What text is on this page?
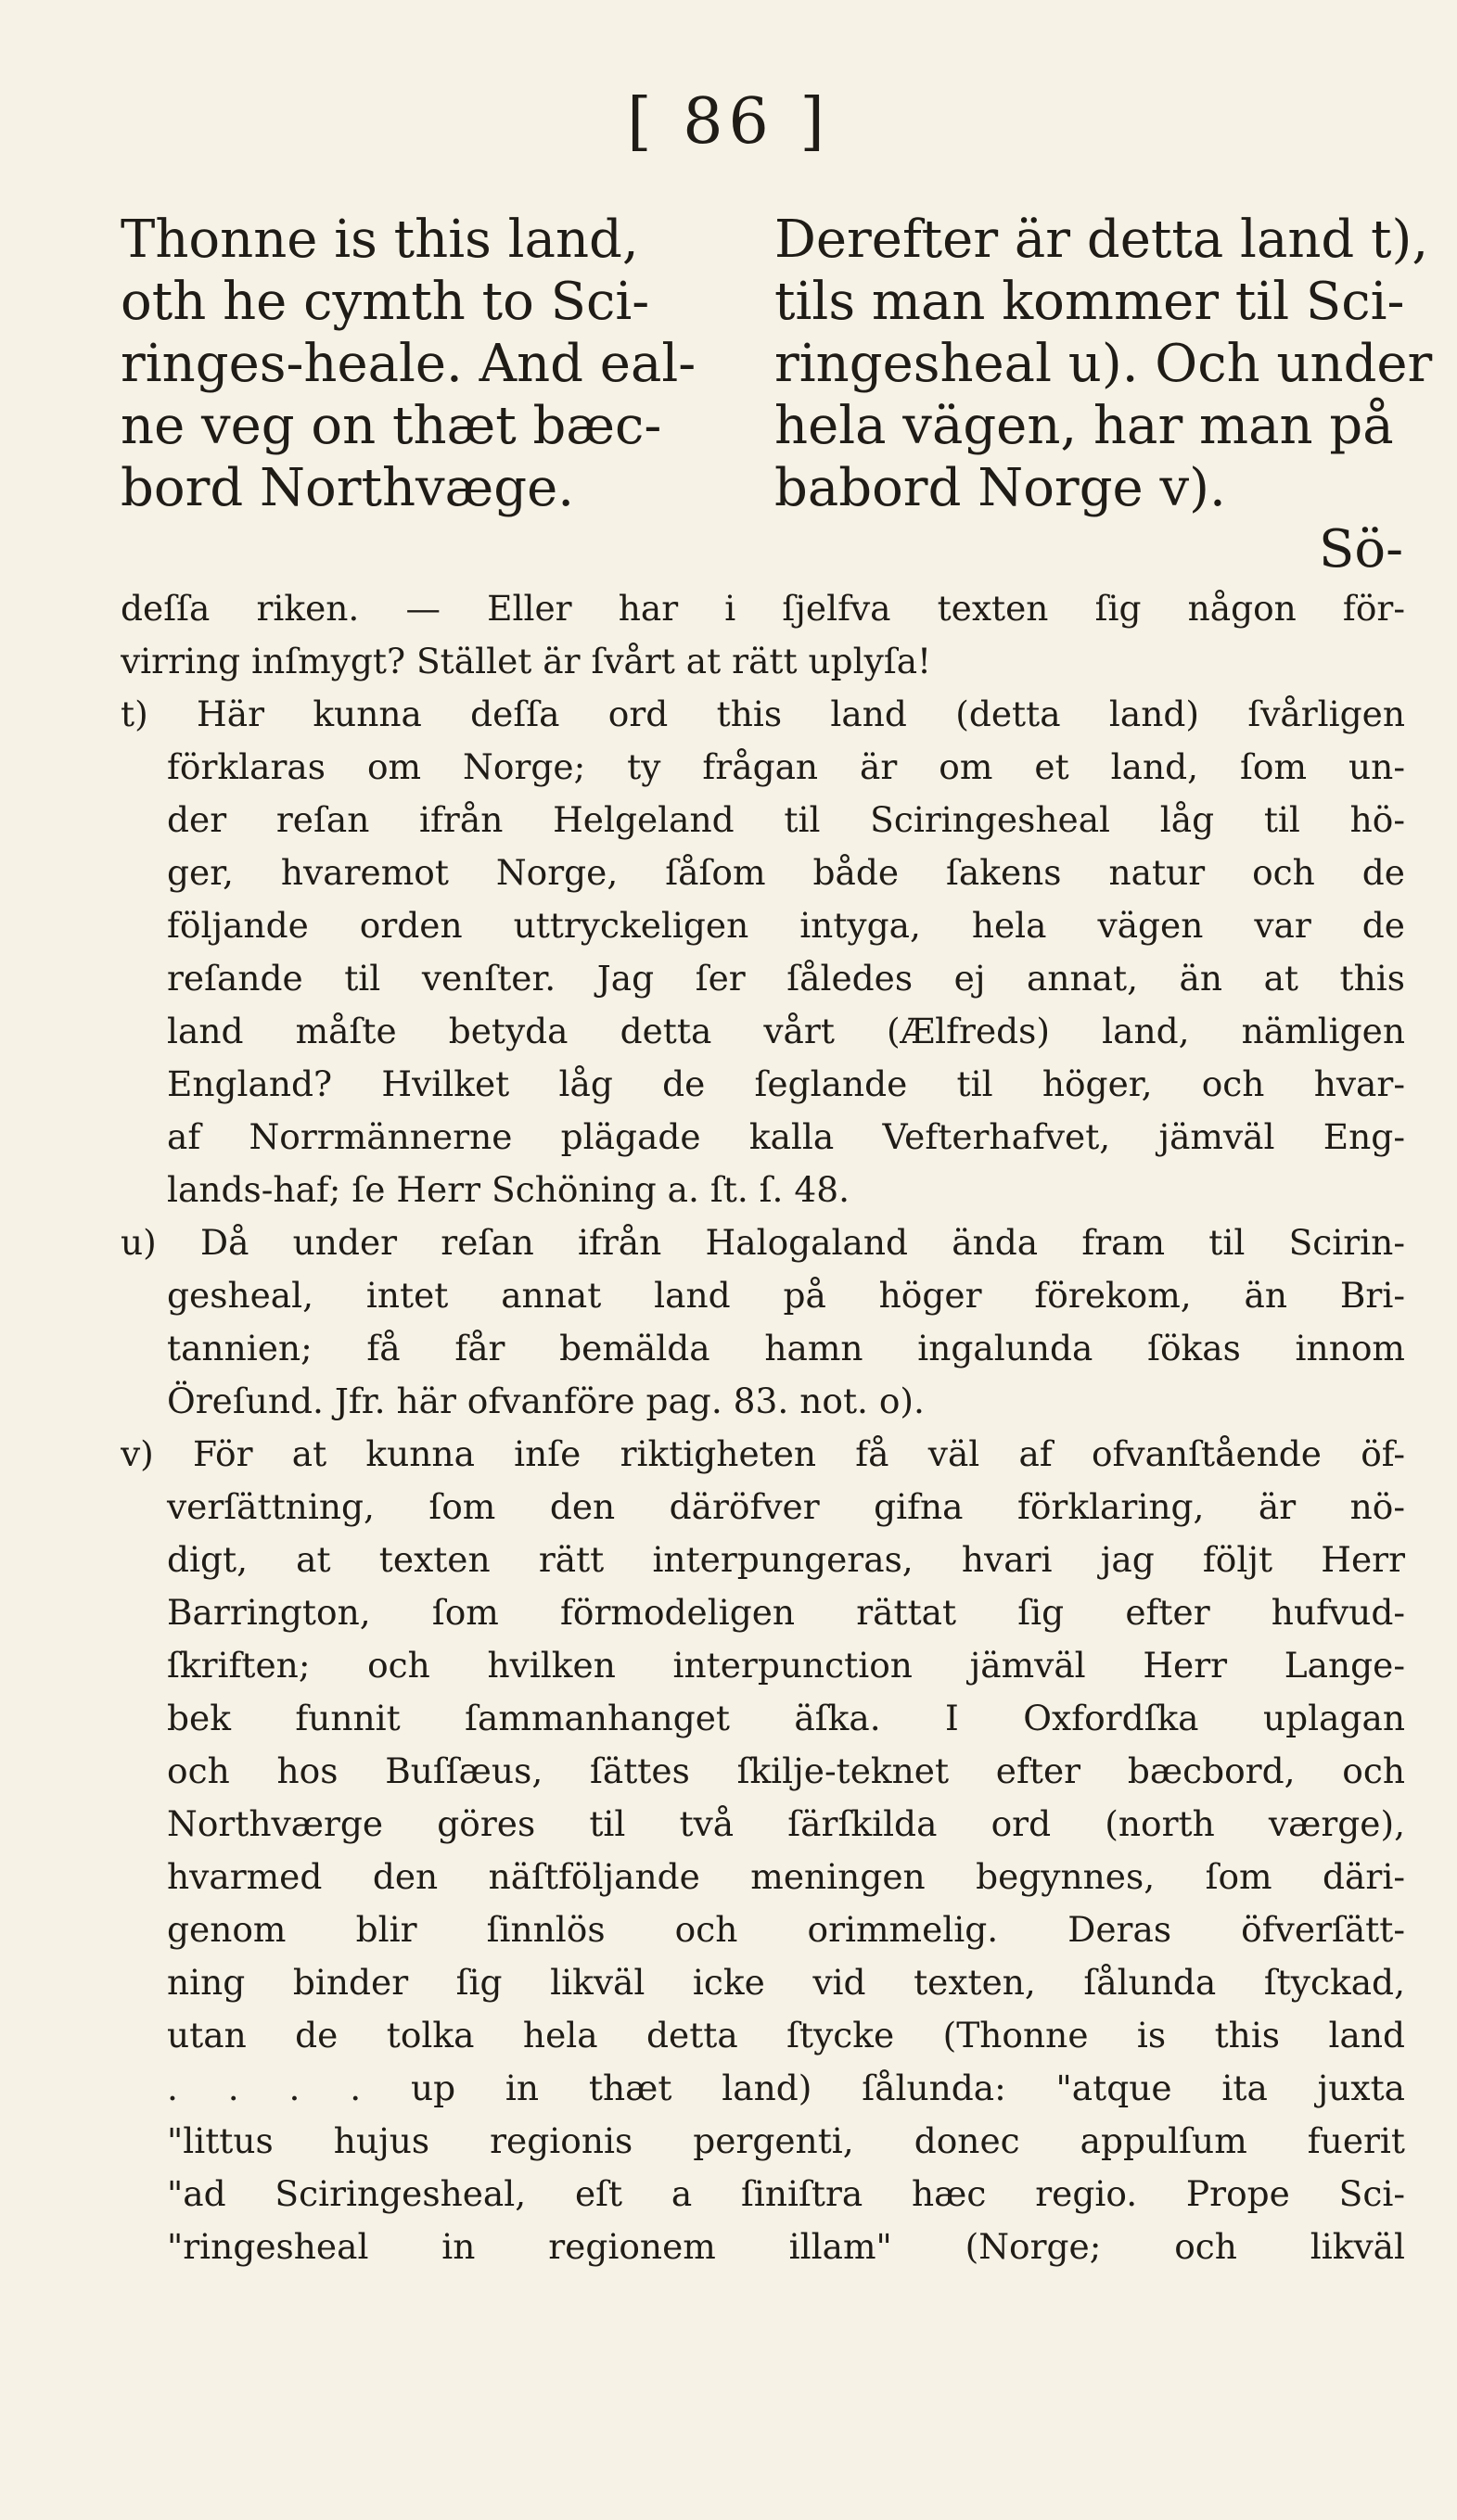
[ 86 ]
Thonne is this land,
oth he cymth to Sci-
ringes-heale. And eal-
ne veg on thæt bæc-
bord Northvæge.
Derefter är detta land t),
tils man kommer til Sci-
ringesheal u). Och under
hela vägen, har man på
babord Norge v).
Sö-
deſſa riken. — Eller har i ſjelfva texten ſig någon för-
virring inſmygt? Stället är ſvårt at rätt uplyſa!
t) Här kunna deſſa ord this land (detta land) ſvårligen
förklaras om Norge; ty frågan är om et land, ſom un-
der reſan ifrån Helgeland til Sciringesheal låg til hö-
ger, hvaremot Norge, ſåſom både ſakens natur och de
följande orden uttryckeligen intyga, hela vägen var de
reſande til venſter. Jag ſer ſåledes ej annat, än at this
land måſte betyda detta vårt (Ælfreds) land, nämligen
England? Hvilket låg de ſeglande til höger, och hvar-
af Norrmännerne plägade kalla Vefterhafvet, jämväl Eng-
lands-haf; ſe Herr Schöning a. ſt. ſ. 48.
u) Då under reſan ifrån Halogaland ända fram til Scirin-
gesheal, intet annat land på höger förekom, än Bri-
tannien; få får bemälda hamn ingalunda ſökas innom
Öreſund. Jfr. här ofvanföre pag. 83. not. o).
v) För at kunna inſe riktigheten få väl af ofvanſtående öf-
verſättning, ſom den däröfver gifna förklaring, är nö-
digt, at texten rätt interpungeras, hvari jag följt Herr
Barrington, ſom förmodeligen rättat ſig efter hufvud-
ſkriften; och hvilken interpunction jämväl Herr Lange-
bek funnit ſammanhanget äſka. I Oxfordſka uplagan
och hos Buſſæus, ſättes ſkilje-teknet efter bæcbord, och
Northværge göres til två ſärſkilda ord (north værge),
hvarmed den näſtföljande meningen begynnes, ſom däri-
genom blir ſinnlös och orimmelig. Deras öfverſätt-
ning binder ſig likväl icke vid texten, ſålunda ſtyckad,
utan de tolka hela detta ſtycke (Thonne is this land
. . . . up in thæt land) ſålunda: "atque ita juxta
"littus hujus regionis pergenti, donec appulſum fuerit
"ad Sciringesheal, eſt a ſiniſtra hæc regio. Prope Sci-
"ringesheal in regionem illam" (Norge; och likväl
